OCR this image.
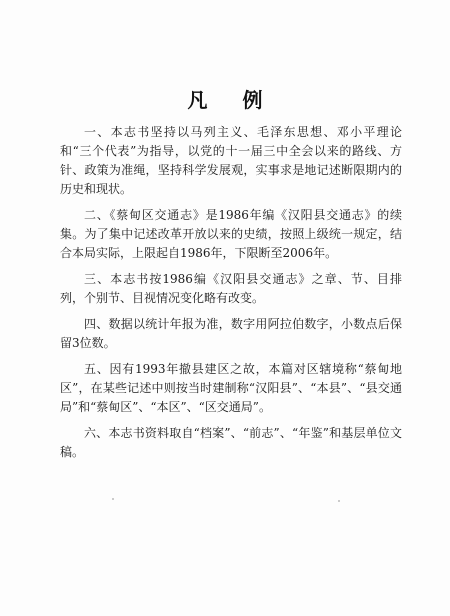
凡 例

一、本志书坚持以马列主义、毛泽东思想、邓小平理论和“三个代表”为指导，以党的十一届三中全会以来的路线、方针、政策为准绳，坚持科学发展观，实事求是地记述断限期内的历史和现状。

二、《蔡甸区交通志》是1986年编《汉阳县交通志》的续集。为了集中记述改革开放以来的史绩，按照上级统一规定，结合本局实际，上限起自1986年，下限断至2006年。

三、本志书按1986编《汉阳县交通志》之章、节、目排列，个别节、目视情况变化略有改变。

四、数据以统计年报为准，数字用阿拉伯数字，小数点后保留3位数。

五、因有1993年撤县建区之故，本篇对区辖境称“蔡甸地区”，在某些记述中则按当时建制称“汉阳县”、“本县”、“县交通局”和“蔡甸区”、“本区”、“区交通局”。

六、本志书资料取自“档案”、“前志”、“年鉴”和基层单位文稿。
